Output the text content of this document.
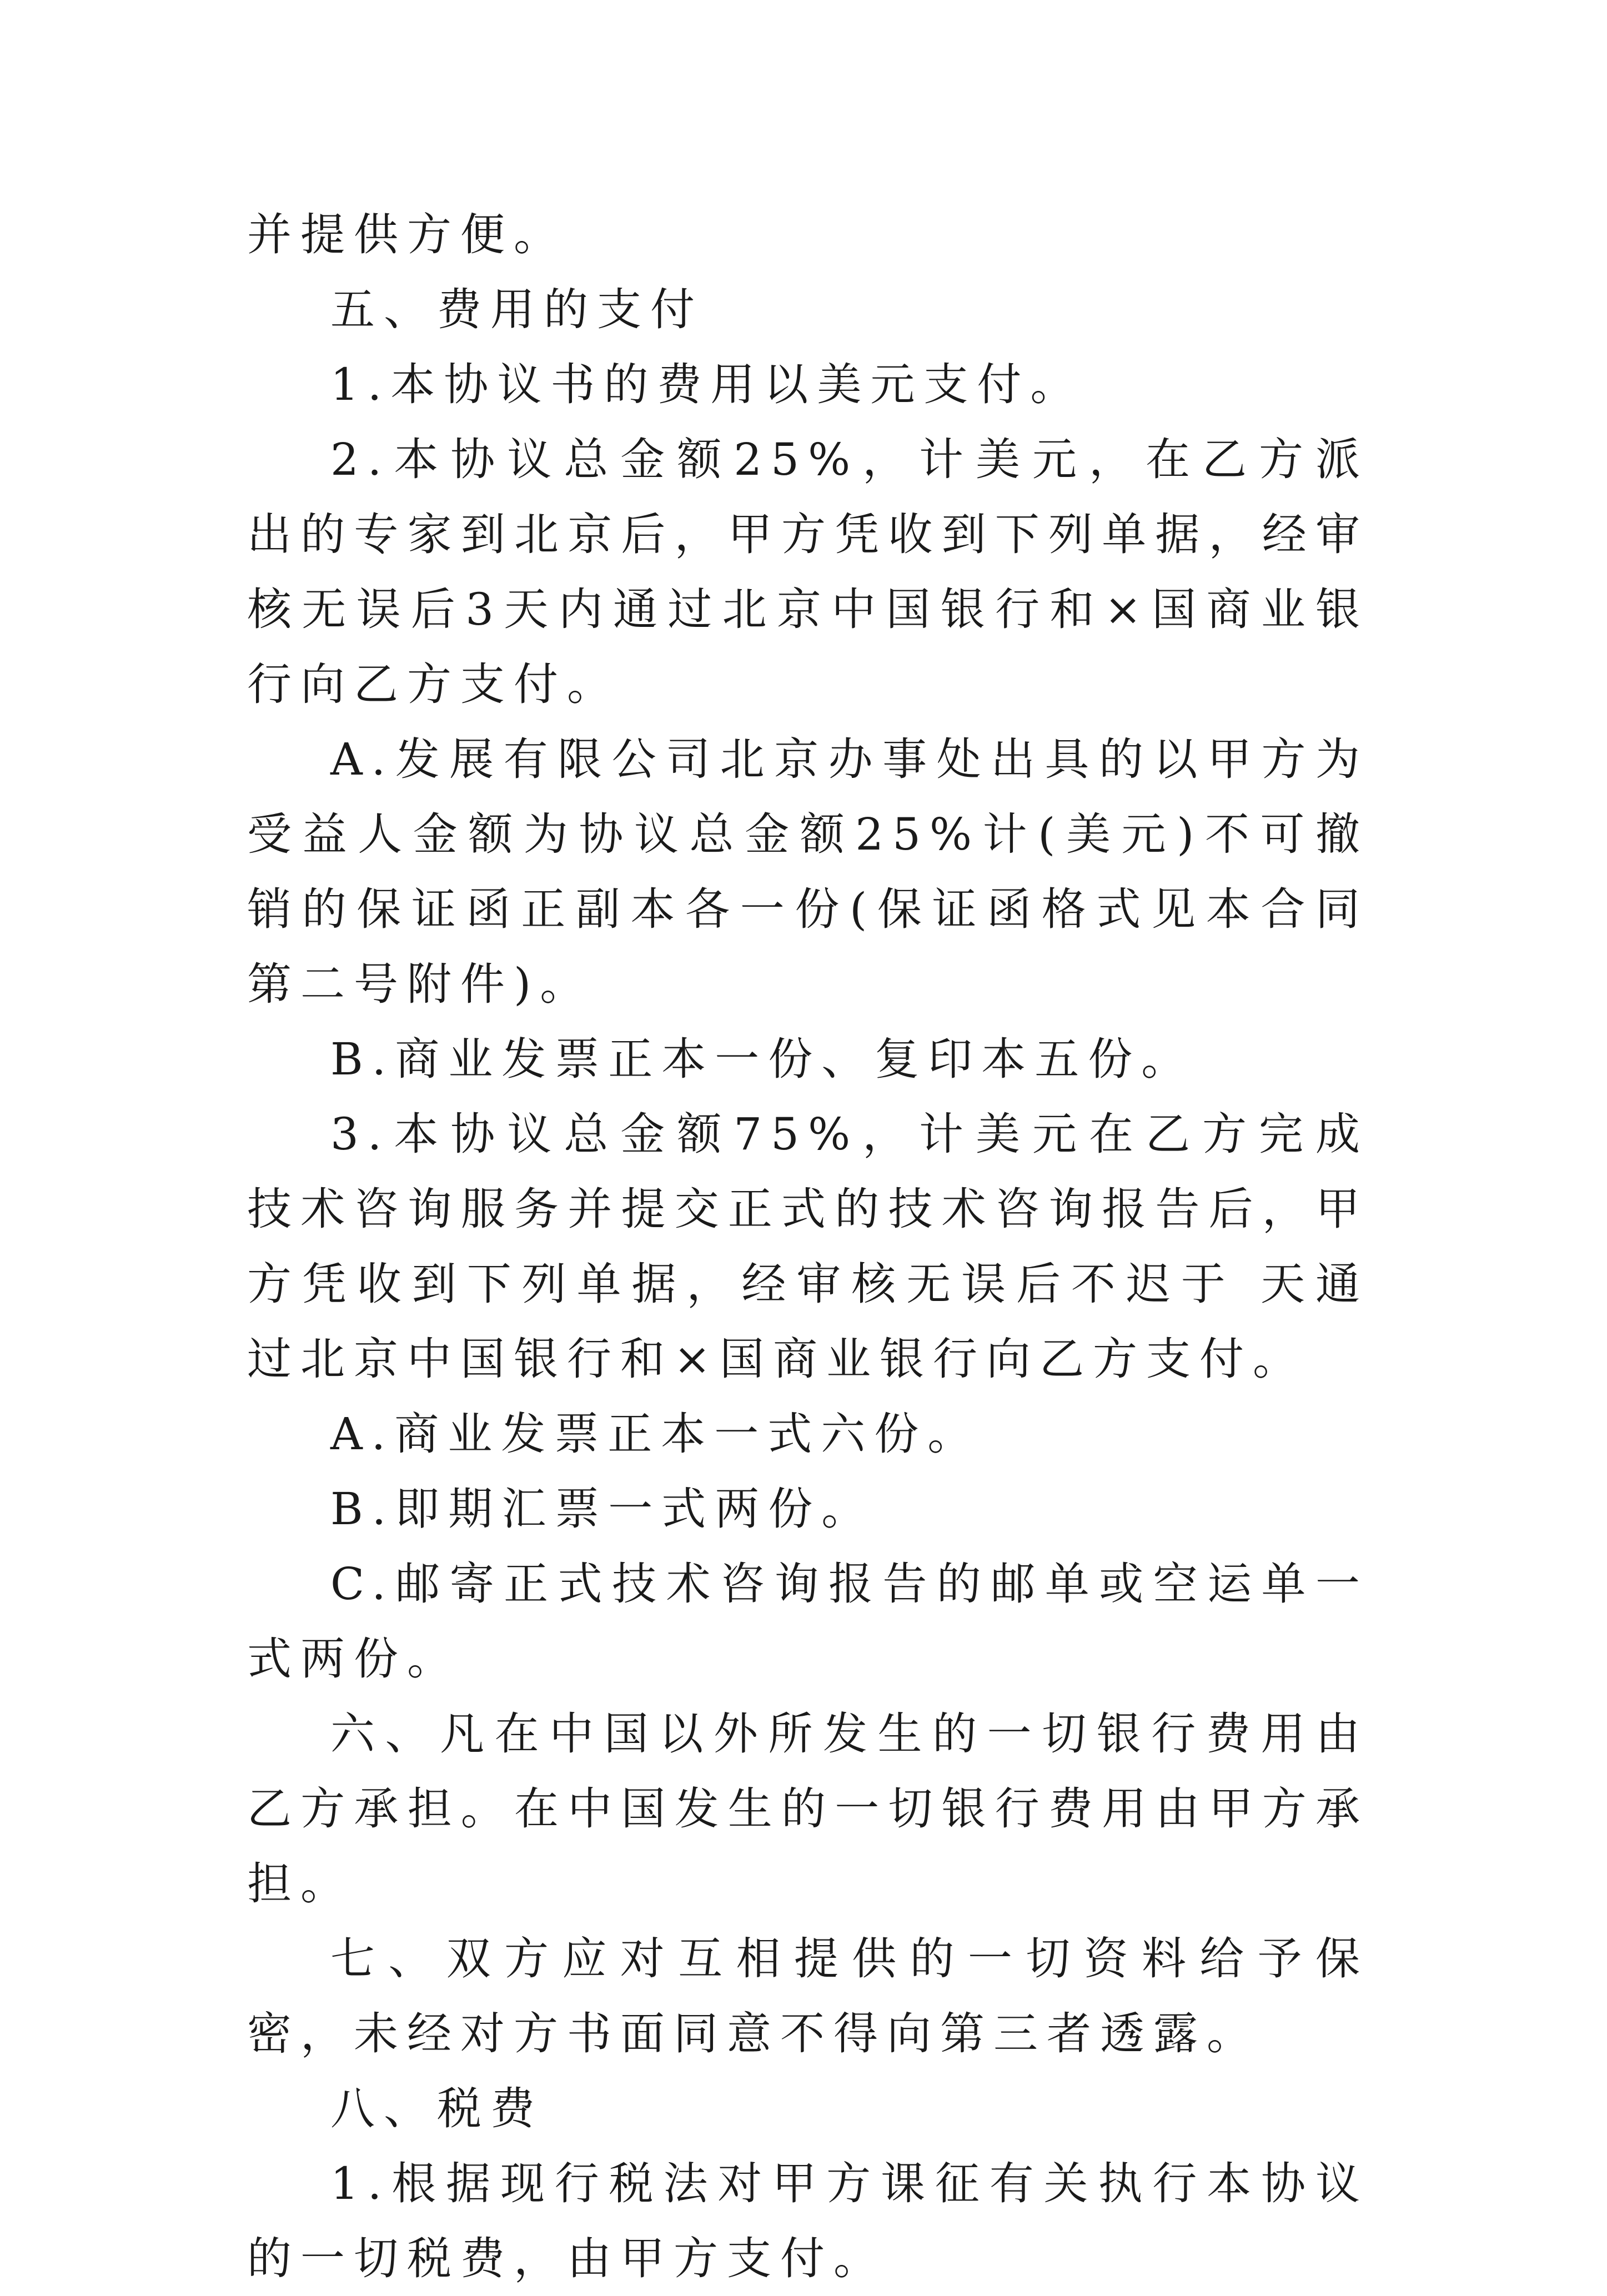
并提供方便。

五、费用的支付

1.本协议书的费用以美元支付。

2.本协议总金额25%，计美元，在乙方派出的专家到北京后，甲方凭收到下列单据，经审核无误后3天内通过北京中国银行和×国商业银行向乙方支付。

A.发展有限公司北京办事处出具的以甲方为受益人金额为协议总金额25%计(美元)不可撤销的保证函正副本各一份(保证函格式见本合同第二号附件)。

B.商业发票正本一份、复印本五份。

3.本协议总金额75%，计美元在乙方完成技术咨询服务并提交正式的技术咨询报告后，甲方凭收到下列单据，经审核无误后不迟于 天通过北京中国银行和×国商业银行向乙方支付。

A.商业发票正本一式六份。

B.即期汇票一式两份。

C.邮寄正式技术咨询报告的邮单或空运单一式两份。

六、凡在中国以外所发生的一切银行费用由乙方承担。在中国发生的一切银行费用由甲方承担。

七、双方应对互相提供的一切资料给予保密，未经对方书面同意不得向第三者透露。

八、税费

1.根据现行税法对甲方课征有关执行本协议的一切税费，由甲方支付。
